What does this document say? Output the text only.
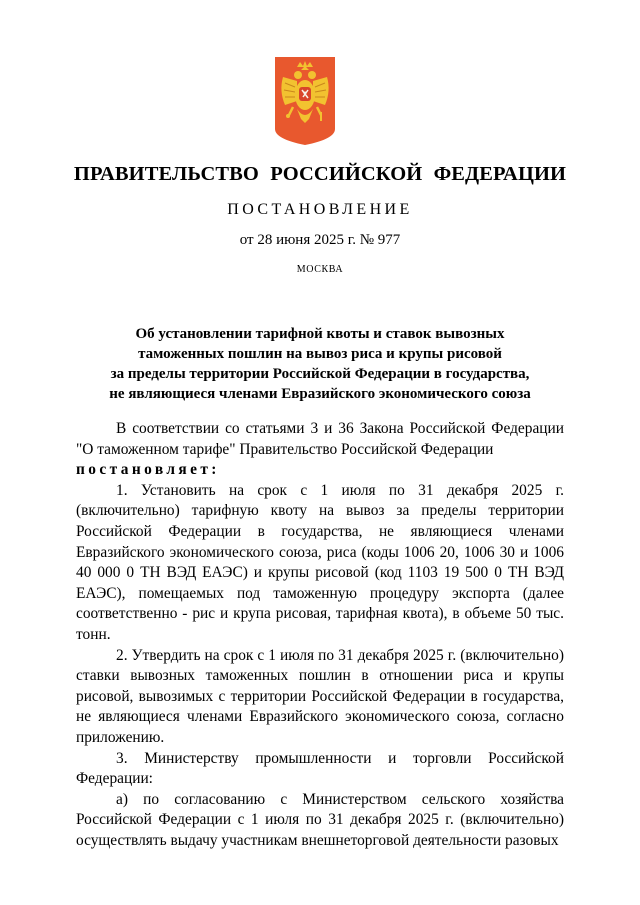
ПРАВИТЕЛЬСТВО РОССИЙСКОЙ ФЕДЕРАЦИИ
ПОСТАНОВЛЕНИЕ
от 28 июня 2025 г. № 977
МОСКВА
Об установлении тарифной квоты и ставок вывозных
таможенных пошлин на вывоз риса и крупы рисовой
за пределы территории Российской Федерации в государства,
не являющиеся членами Евразийского экономического союза

В соответствии со статьями 3 и 36 Закона Российской Федерации "О таможенном тарифе" Правительство Российской Федерации

постановляет:

1. Установить на срок с 1 июля по 31 декабря 2025 г. (включительно) тарифную квоту на вывоз за пределы территории Российской Федерации в государства, не являющиеся членами Евразийского экономического союза, риса (коды 1006 20, 1006 30 и 1006 40 000 0 ТН ВЭД ЕАЭС) и крупы рисовой (код 1103 19 500 0 ТН ВЭД ЕАЭС), помещаемых под таможенную процедуру экспорта (далее соответственно - рис и крупа рисовая, тарифная квота), в объеме 50 тыс. тонн.

2. Утвердить на срок с 1 июля по 31 декабря 2025 г. (включительно) ставки вывозных таможенных пошлин в отношении риса и крупы рисовой, вывозимых с территории Российской Федерации в государства, не являющиеся членами Евразийского экономического союза, согласно приложению.

3. Министерству промышленности и торговли Российской Федерации:

а) по согласованию с Министерством сельского хозяйства Российской Федерации с 1 июля по 31 декабря 2025 г. (включительно) осуществлять выдачу участникам внешнеторговой деятельности разовых
